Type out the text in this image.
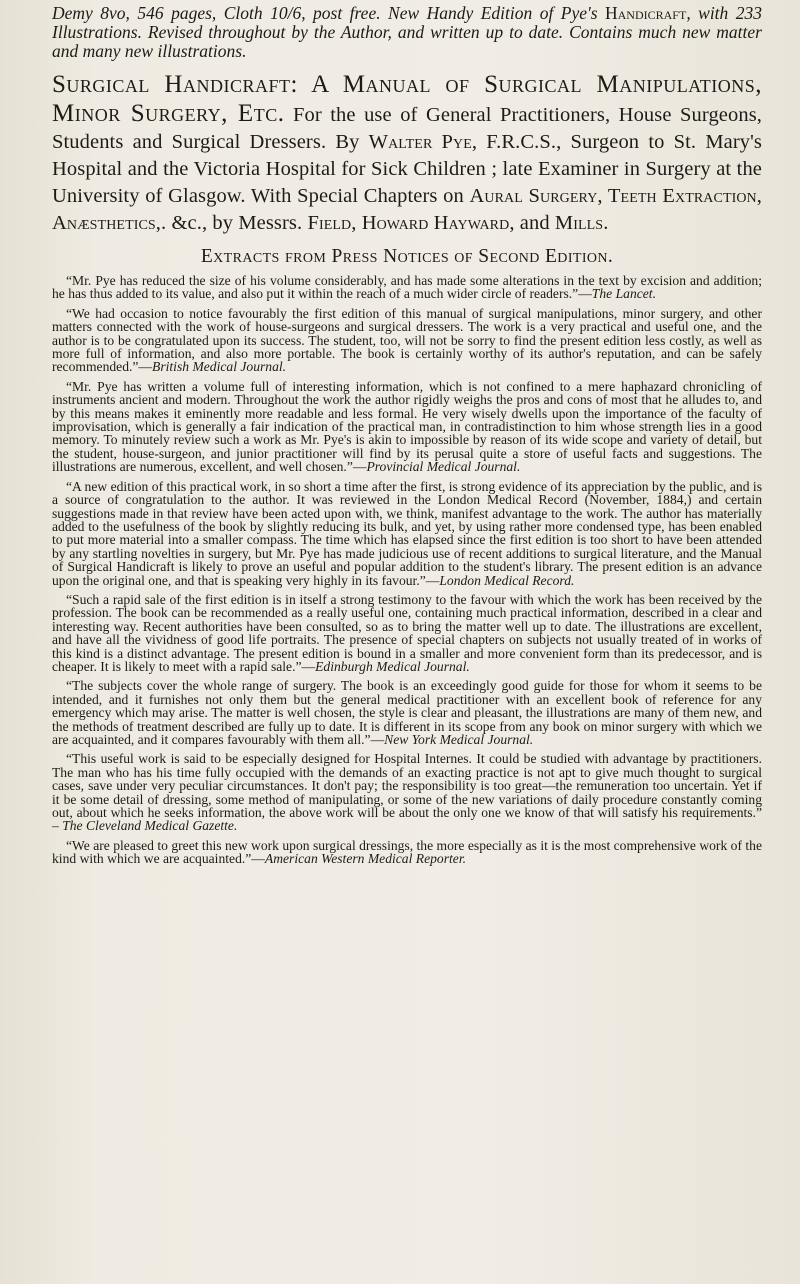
Demy 8vo, 546 pages, Cloth 10/6, post free. New Handy Edition of Pye's Handicraft, with 233 Illustrations. Revised throughout by the Author, and written up to date. Contains much new matter and many new illustrations.

Surgical Handicraft: A Manual of Surgical Manipulations, Minor Surgery, Etc. For the use of General Practitioners, House Surgeons, Students and Surgical Dressers. By Walter Pye, F.R.C.S., Surgeon to St. Mary's Hospital and the Victoria Hospital for Sick Children ; late Examiner in Surgery at the University of Glasgow. With Special Chapters on Aural Surgery, Teeth Extraction, Anæsthetics,. &c., by Messrs. Field, Howard Hayward, and Mills.

Extracts from Press Notices of Second Edition.

“Mr. Pye has reduced the size of his volume considerably, and has made some alterations in the text by excision and addition; he has thus added to its value, and also put it within the reach of a much wider circle of readers.”—The Lancet.

“We had occasion to notice favourably the first edition of this manual of surgical manipulations, minor surgery, and other matters connected with the work of house-surgeons and surgical dressers. The work is a very practical and useful one, and the author is to be congratulated upon its success. The student, too, will not be sorry to find the present edition less costly, as well as more full of information, and also more portable. The book is certainly worthy of its author's reputation, and can be safely recommended.”—British Medical Journal.

“Mr. Pye has written a volume full of interesting information, which is not confined to a mere haphazard chronicling of instruments ancient and modern. Throughout the work the author rigidly weighs the pros and cons of most that he alludes to, and by this means makes it eminently more readable and less formal. He very wisely dwells upon the importance of the faculty of improvisation, which is generally a fair indication of the practical man, in contradistinction to him whose strength lies in a good memory. To minutely review such a work as Mr. Pye's is akin to impossible by reason of its wide scope and variety of detail, but the student, house-surgeon, and junior practitioner will find by its perusal quite a store of useful facts and suggestions. The illustrations are numerous, excellent, and well chosen.”—Provincial Medical Journal.

“A new edition of this practical work, in so short a time after the first, is strong evidence of its appreciation by the public, and is a source of congratulation to the author. It was reviewed in the London Medical Record (November, 1884,) and certain suggestions made in that review have been acted upon with, we think, manifest advantage to the work. The author has materially added to the usefulness of the book by slightly reducing its bulk, and yet, by using rather more condensed type, has been enabled to put more material into a smaller compass. The time which has elapsed since the first edition is too short to have been attended by any startling novelties in surgery, but Mr. Pye has made judicious use of recent additions to surgical literature, and the Manual of Surgical Handicraft is likely to prove an useful and popular addition to the student's library. The present edition is an advance upon the original one, and that is speaking very highly in its favour.”—London Medical Record.

“Such a rapid sale of the first edition is in itself a strong testimony to the favour with which the work has been received by the profession. The book can be recommended as a really useful one, containing much practical information, described in a clear and interesting way. Recent authorities have been consulted, so as to bring the matter well up to date. The illustrations are excellent, and have all the vividness of good life portraits. The presence of special chapters on subjects not usually treated of in works of this kind is a distinct advantage. The present edition is bound in a smaller and more convenient form than its predecessor, and is cheaper. It is likely to meet with a rapid sale.”—Edinburgh Medical Journal.

“The subjects cover the whole range of surgery. The book is an exceedingly good guide for those for whom it seems to be intended, and it furnishes not only them but the general medical practitioner with an excellent book of reference for any emergency which may arise. The matter is well chosen, the style is clear and pleasant, the illustrations are many of them new, and the methods of treatment described are fully up to date. It is different in its scope from any book on minor surgery with which we are acquainted, and it compares favourably with them all.”—New York Medical Journal.

“This useful work is said to be especially designed for Hospital Internes. It could be studied with advantage by practitioners. The man who has his time fully occupied with the demands of an exacting practice is not apt to give much thought to surgical cases, save under very peculiar circumstances. It don't pay; the responsibility is too great—the remuneration too uncertain. Yet if it be some detail of dressing, some method of manipulating, or some of the new variations of daily procedure constantly coming out, about which he seeks information, the above work will be about the only one we know of that will satisfy his requirements.” – The Cleveland Medical Gazette.

“We are pleased to greet this new work upon surgical dressings, the more especially as it is the most comprehensive work of the kind with which we are acquainted.”—American Western Medical Reporter.
